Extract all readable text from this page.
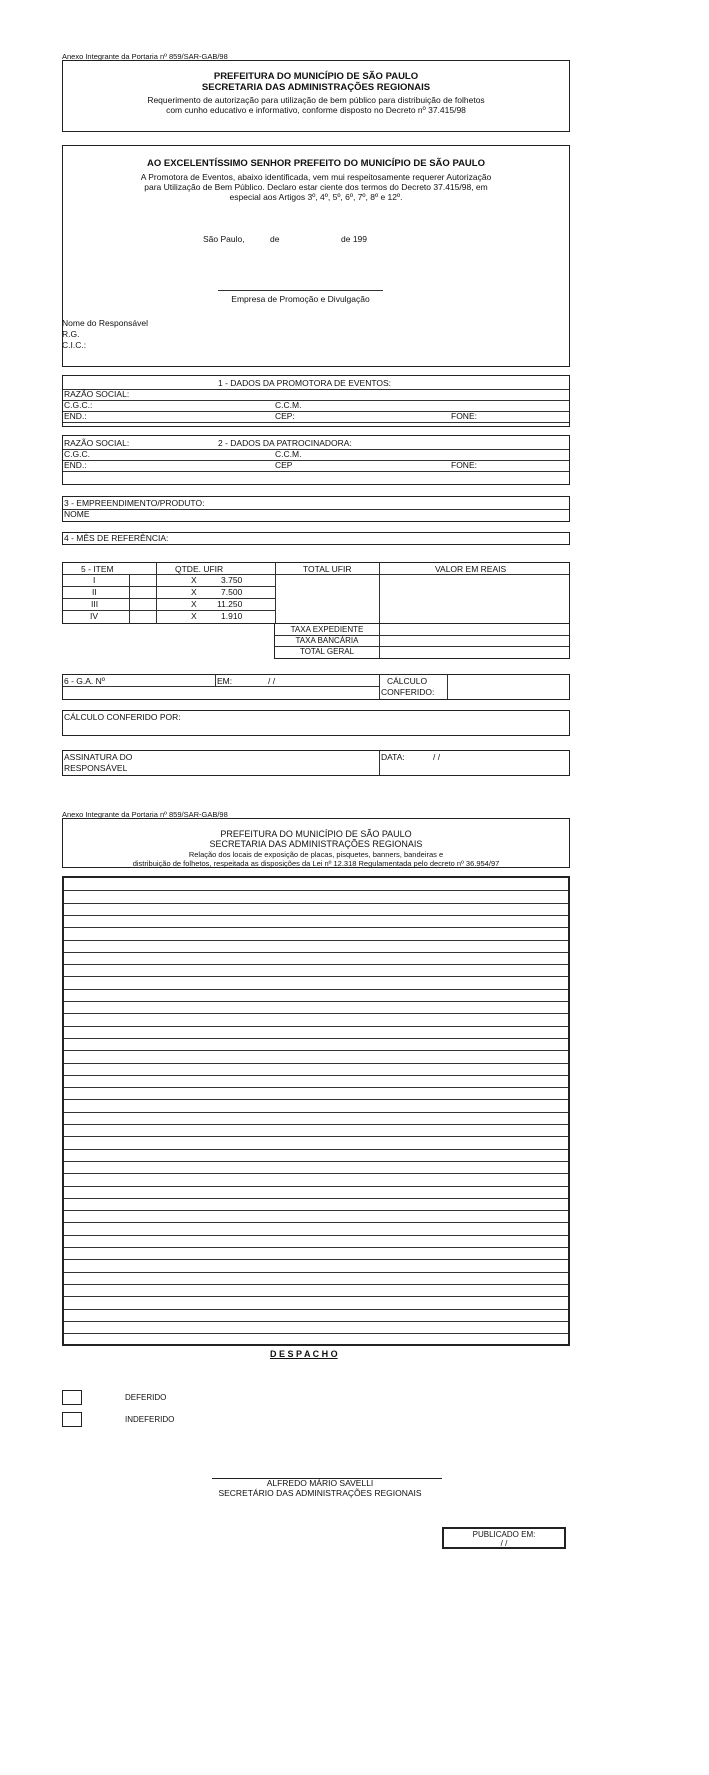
Anexo Integrante da Portaria nº 859/SAR-GAB/98
PREFEITURA DO MUNICÍPIO DE SÃO PAULO
SECRETARIA DAS ADMINISTRAÇÕES REGIONAIS
Requerimento de autorização para utilização de bem público para distribuição de folhetos
com cunho educativo e informativo, conforme disposto no Decreto nº 37.415/98
AO EXCELENTÍSSIMO SENHOR PREFEITO DO MUNICÍPIO DE SÃO PAULO
A Promotora de Eventos, abaixo identificada, vem mui respeitosamente requerer Autorização
para Utilização de Bem Público. Declaro estar ciente dos termos do Decreto 37.415/98, em
especial aos Artigos 3º, 4º, 5º, 6º, 7º, 8º e 12º.
São Paulo,	de	de 199
Empresa de Promoção e Divulgação
Nome do Responsável
R.G.
C.I.C.:
1 - DADOS DA PROMOTORA DE EVENTOS:
RAZÃO SOCIAL:
C.G.C.:	C.C.M.
END.:	CEP:	FONE:
RAZÃO SOCIAL:	2 - DADOS DA PATROCINADORA:
C.G.C.	C.C.M.
END.:	CEP	FONE:
3 - EMPREENDIMENTO/PRODUTO:
NOME
4 - MÊS DE REFERÊNCIA:
5 - ITEM	QTDE. UFIR	TOTAL UFIR	VALOR EM REAIS
I	X	3.750
II	X	7.500
III	X 11.250
IV	X	1.910
TAXA EXPEDIENTE
TAXA BANCÁRIA
TOTAL GERAL
6 - G.A. Nº	EM:	/ /	CÁLCULO
CONFERIDO:
CÁLCULO CONFERIDO POR:
ASSINATURA DO
RESPONSÁVEL
DATA:	/ /
Anexo Integrante da Portaria nº 859/SAR-GAB/98
PREFEITURA DO MUNICÍPIO DE SÃO PAULO
SECRETARIA DAS ADMINISTRAÇÕES REGIONAIS
Relação dos locais de exposição de placas, pisquetes, banners, bandeiras e
distribuição de folhetos, respeitada as disposições da Lei nº 12.318 Regulamentada pelo decreto nº 36.954/97
D E S P A C H O
DEFERIDO
INDEFERIDO
ALFREDO MÁRIO SAVELLI
SECRETÁRIO DAS ADMINISTRAÇÕES REGIONAIS
PUBLICADO EM:
/ /
